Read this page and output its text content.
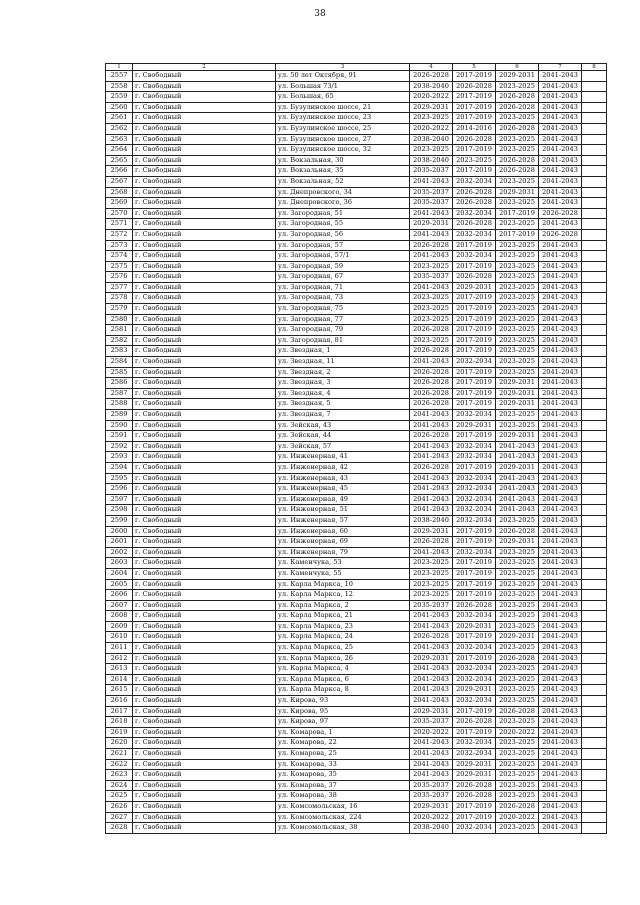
38
1	2	3	4	5	6	7	8
2557	г. Свободный	ул. 50 лет Октября, 91	2026-2028	2017-2019	2029-2031	2041-2043	
2558	г. Свободный	ул. Большая 73/1	2038-2040	2026-2028	2023-2025	2041-2043	
2559	г. Свободный	ул. Большая, 65	2020-2022	2017-2019	2026-2028	2041-2043	
2560	г. Свободный	ул. Бузулинское шоссе, 21	2029-2031	2017-2019	2026-2028	2041-2043	
2561	г. Свободный	ул. Бузулинское шоссе, 23	2023-2025	2017-2019	2023-2025	2041-2043	
2562	г. Свободный	ул. Бузулинское шоссе, 25	2020-2022	2014-2016	2026-2028	2041-2043	
2563	г. Свободный	ул. Бузулинское шоссе, 27	2038-2040	2026-2028	2023-2025	2041-2043	
2564	г. Свободный	ул. Бузулинское шоссе, 32	2023-2025	2017-2019	2023-2025	2041-2043	
2565	г. Свободный	ул. Вокзальная, 30	2038-2040	2023-2025	2026-2028	2041-2043	
2566	г. Свободный	ул. Вокзальная, 35	2035-2037	2017-2019	2026-2028	2041-2043	
2567	г. Свободный	ул. Вокзальная, 52	2041-2043	2032-2034	2023-2025	2041-2043	
2568	г. Свободный	ул. Днепровского, 34	2035-2037	2026-2028	2029-2031	2041-2043	
2569	г. Свободный	ул. Днепровского, 36	2035-2037	2026-2028	2023-2025	2041-2043	
2570	г. Свободный	ул. Загородная, 51	2041-2043	2032-2034	2017-2019	2026-2028	
2571	г. Свободный	ул. Загородная, 55	2029-2031	2026-2028	2023-2025	2041-2043	
2572	г. Свободный	ул. Загородная, 56	2041-2043	2032-2034	2017-2019	2026-2028	
2573	г. Свободный	ул. Загородная, 57	2026-2028	2017-2019	2023-2025	2041-2043	
2574	г. Свободный	ул. Загородная, 57/1	2041-2043	2032-2034	2023-2025	2041-2043	
2575	г. Свободный	ул. Загородная, 59	2023-2025	2017-2019	2023-2025	2041-2043	
2576	г. Свободный	ул. Загородная, 67	2035-2037	2026-2028	2023-2025	2041-2043	
2577	г. Свободный	ул. Загородная, 71	2041-2043	2029-2031	2023-2025	2041-2043	
2578	г. Свободный	ул. Загородная, 73	2023-2025	2017-2019	2023-2025	2041-2043	
2579	г. Свободный	ул. Загородная, 75	2023-2025	2017-2019	2023-2025	2041-2043	
2580	г. Свободный	ул. Загородная, 77	2023-2025	2017-2019	2023-2025	2041-2043	
2581	г. Свободный	ул. Загородная, 79	2026-2028	2017-2019	2023-2025	2041-2043	
2582	г. Свободный	ул. Загородная, 81	2023-2025	2017-2019	2023-2025	2041-2043	
2583	г. Свободный	ул. Звездная, 1	2026-2028	2017-2019	2023-2025	2041-2043	
2584	г. Свободный	ул. Звездная, 11	2041-2043	2032-2034	2023-2025	2041-2043	
2585	г. Свободный	ул. Звездная, 2	2026-2028	2017-2019	2023-2025	2041-2043	
2586	г. Свободный	ул. Звездная, 3	2026-2028	2017-2019	2029-2031	2041-2043	
2587	г. Свободный	ул. Звездная, 4	2026-2028	2017-2019	2029-2031	2041-2043	
2588	г. Свободный	ул. Звездная, 5	2026-2028	2017-2019	2029-2031	2041-2043	
2589	г. Свободный	ул. Звездная, 7	2041-2043	2032-2034	2023-2025	2041-2043	
2590	г. Свободный	ул. Зейская, 43	2041-2043	2029-2031	2023-2025	2041-2043	
2591	г. Свободный	ул. Зейская, 44	2026-2028	2017-2019	2029-2031	2041-2043	
2592	г. Свободный	ул. Зейская, 57	2041-2043	2032-2034	2041-2043	2041-2043	
2593	г. Свободный	ул. Инженерная, 41	2041-2043	2032-2034	2041-2043	2041-2043	
2594	г. Свободный	ул. Инженерная, 42	2026-2028	2017-2019	2029-2031	2041-2043	
2595	г. Свободный	ул. Инженерная, 43	2041-2043	2032-2034	2041-2043	2041-2043	
2596	г. Свободный	ул. Инженерная, 45	2041-2043	2032-2034	2041-2043	2041-2043	
2597	г. Свободный	ул. Инженерная, 49	2041-2043	2032-2034	2041-2043	2041-2043	
2598	г. Свободный	ул. Инженерная, 51	2041-2043	2032-2034	2041-2043	2041-2043	
2599	г. Свободный	ул. Инженерная, 57	2038-2040	2032-2034	2023-2025	2041-2043	
2600	г. Свободный	ул. Инженерная, 60	2029-2031	2017-2019	2026-2028	2041-2043	
2601	г. Свободный	ул. Инженерная, 69	2026-2028	2017-2019	2029-2031	2041-2043	
2602	г. Свободный	ул. Инженерная, 79	2041-2043	2032-2034	2023-2025	2041-2043	
2603	г. Свободный	ул. Каменчука, 53	2023-2025	2017-2019	2023-2025	2041-2043	
2604	г. Свободный	ул. Каменчука, 55	2023-2025	2017-2019	2023-2025	2041-2043	
2605	г. Свободный	ул. Карла Маркса, 10	2023-2025	2017-2019	2023-2025	2041-2043	
2606	г. Свободный	ул. Карла Маркса, 12	2023-2025	2017-2019	2023-2025	2041-2043	
2607	г. Свободный	ул. Карла Маркса, 2	2035-2037	2026-2028	2023-2025	2041-2043	
2608	г. Свободный	ул. Карла Маркса, 21	2041-2043	2032-2034	2023-2025	2041-2043	
2609	г. Свободный	ул. Карла Маркса, 23	2041-2043	2029-2031	2023-2025	2041-2043	
2610	г. Свободный	ул. Карла Маркса, 24	2026-2028	2017-2019	2029-2031	2041-2043	
2611	г. Свободный	ул. Карла Маркса, 25	2041-2043	2032-2034	2023-2025	2041-2043	
2612	г. Свободный	ул. Карла Маркса, 26	2029-2031	2017-2019	2026-2028	2041-2043	
2613	г. Свободный	ул. Карла Маркса, 4	2041-2043	2032-2034	2023-2025	2041-2043	
2614	г. Свободный	ул. Карла Маркса, 6	2041-2043	2032-2034	2023-2025	2041-2043	
2615	г. Свободный	ул. Карла Маркса, 8	2041-2043	2029-2031	2023-2025	2041-2043	
2616	г. Свободный	ул. Кирова, 93	2041-2043	2032-2034	2023-2025	2041-2043	
2617	г. Свободный	ул. Кирова, 95	2029-2031	2017-2019	2026-2028	2041-2043	
2618	г. Свободный	ул. Кирова, 97	2035-2037	2026-2028	2023-2025	2041-2043	
2619	г. Свободный	ул. Комарова, 1	2020-2022	2017-2019	2020-2022	2041-2043	
2620	г. Свободный	ул. Комарова, 22	2041-2043	2032-2034	2023-2025	2041-2043	
2621	г. Свободный	ул. Комарова, 25	2041-2043	2032-2034	2023-2025	2041-2043	
2622	г. Свободный	ул. Комарова, 33	2041-2043	2029-2031	2023-2025	2041-2043	
2623	г. Свободный	ул. Комарова, 35	2041-2043	2029-2031	2023-2025	2041-2043	
2624	г. Свободный	ул. Комарова, 37	2035-2037	2026-2028	2023-2025	2041-2043	
2625	г. Свободный	ул. Комарова, 38	2035-2037	2026-2028	2023-2025	2041-2043	
2626	г. Свободный	ул. Комсомольская, 16	2029-2031	2017-2019	2026-2028	2041-2043	
2627	г. Свободный	ул. Комсомольская, 224	2020-2022	2017-2019	2020-2022	2041-2043	
2628	г. Свободный	ул. Комсомольская, 38	2038-2040	2032-2034	2023-2025	2041-2043	
